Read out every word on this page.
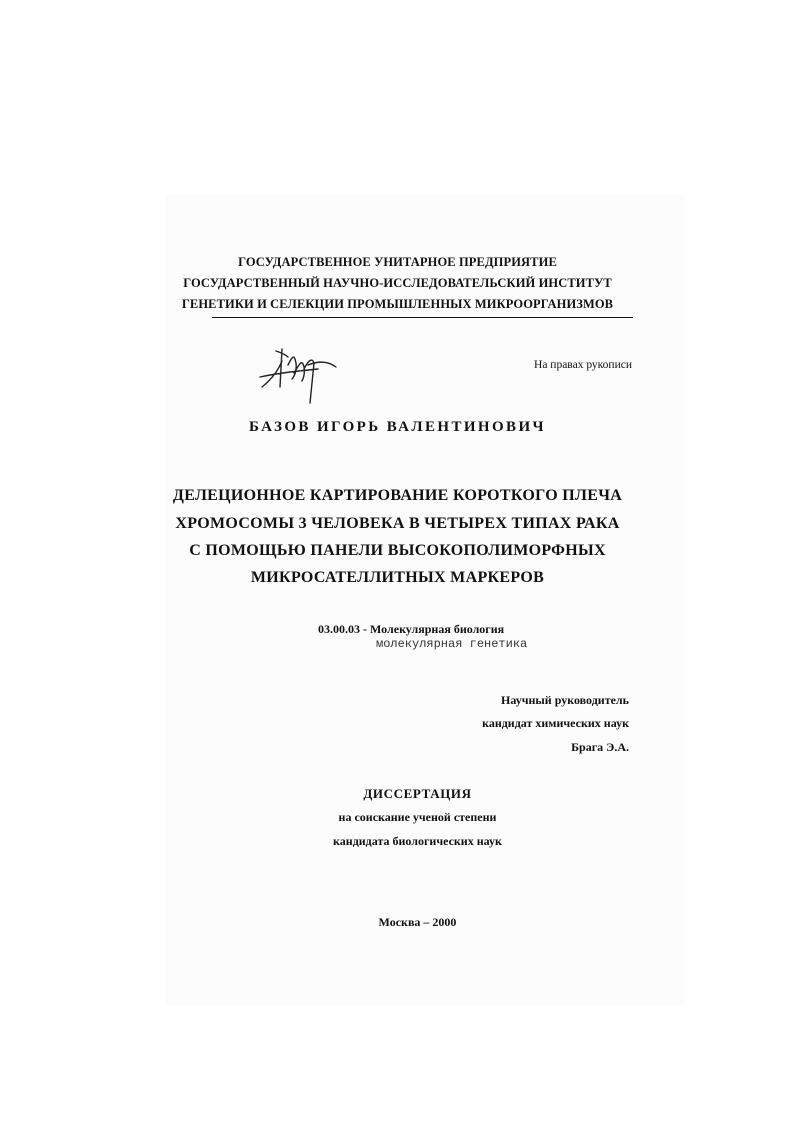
ГОСУДАРСТВЕННОЕ УНИТАРНОЕ ПРЕДПРИЯТИЕ
ГОСУДАРСТВЕННЫЙ НАУЧНО-ИССЛЕДОВАТЕЛЬСКИЙ ИНСТИТУТ
ГЕНЕТИКИ И СЕЛЕКЦИИ ПРОМЫШЛЕННЫХ МИКРООРГАНИЗМОВ
На правах рукописи
БАЗОВ ИГОРЬ ВАЛЕНТИНОВИЧ
ДЕЛЕЦИОННОЕ КАРТИРОВАНИЕ КОРОТКОГО ПЛЕЧА
ХРОМОСОМЫ 3 ЧЕЛОВЕКА В ЧЕТЫРЕХ ТИПАХ РАКА
С ПОМОЩЬЮ ПАНЕЛИ ВЫСОКОПОЛИМОРФНЫХ
МИКРОСАТЕЛЛИТНЫХ МАРКЕРОВ
03.00.03 - Молекулярная биология
молекулярная генетика
Научный руководитель
кандидат химических наук
Брага Э.А.
ДИССЕРТАЦИЯ
на соискание ученой степени
кандидата биологических наук
Москва – 2000
